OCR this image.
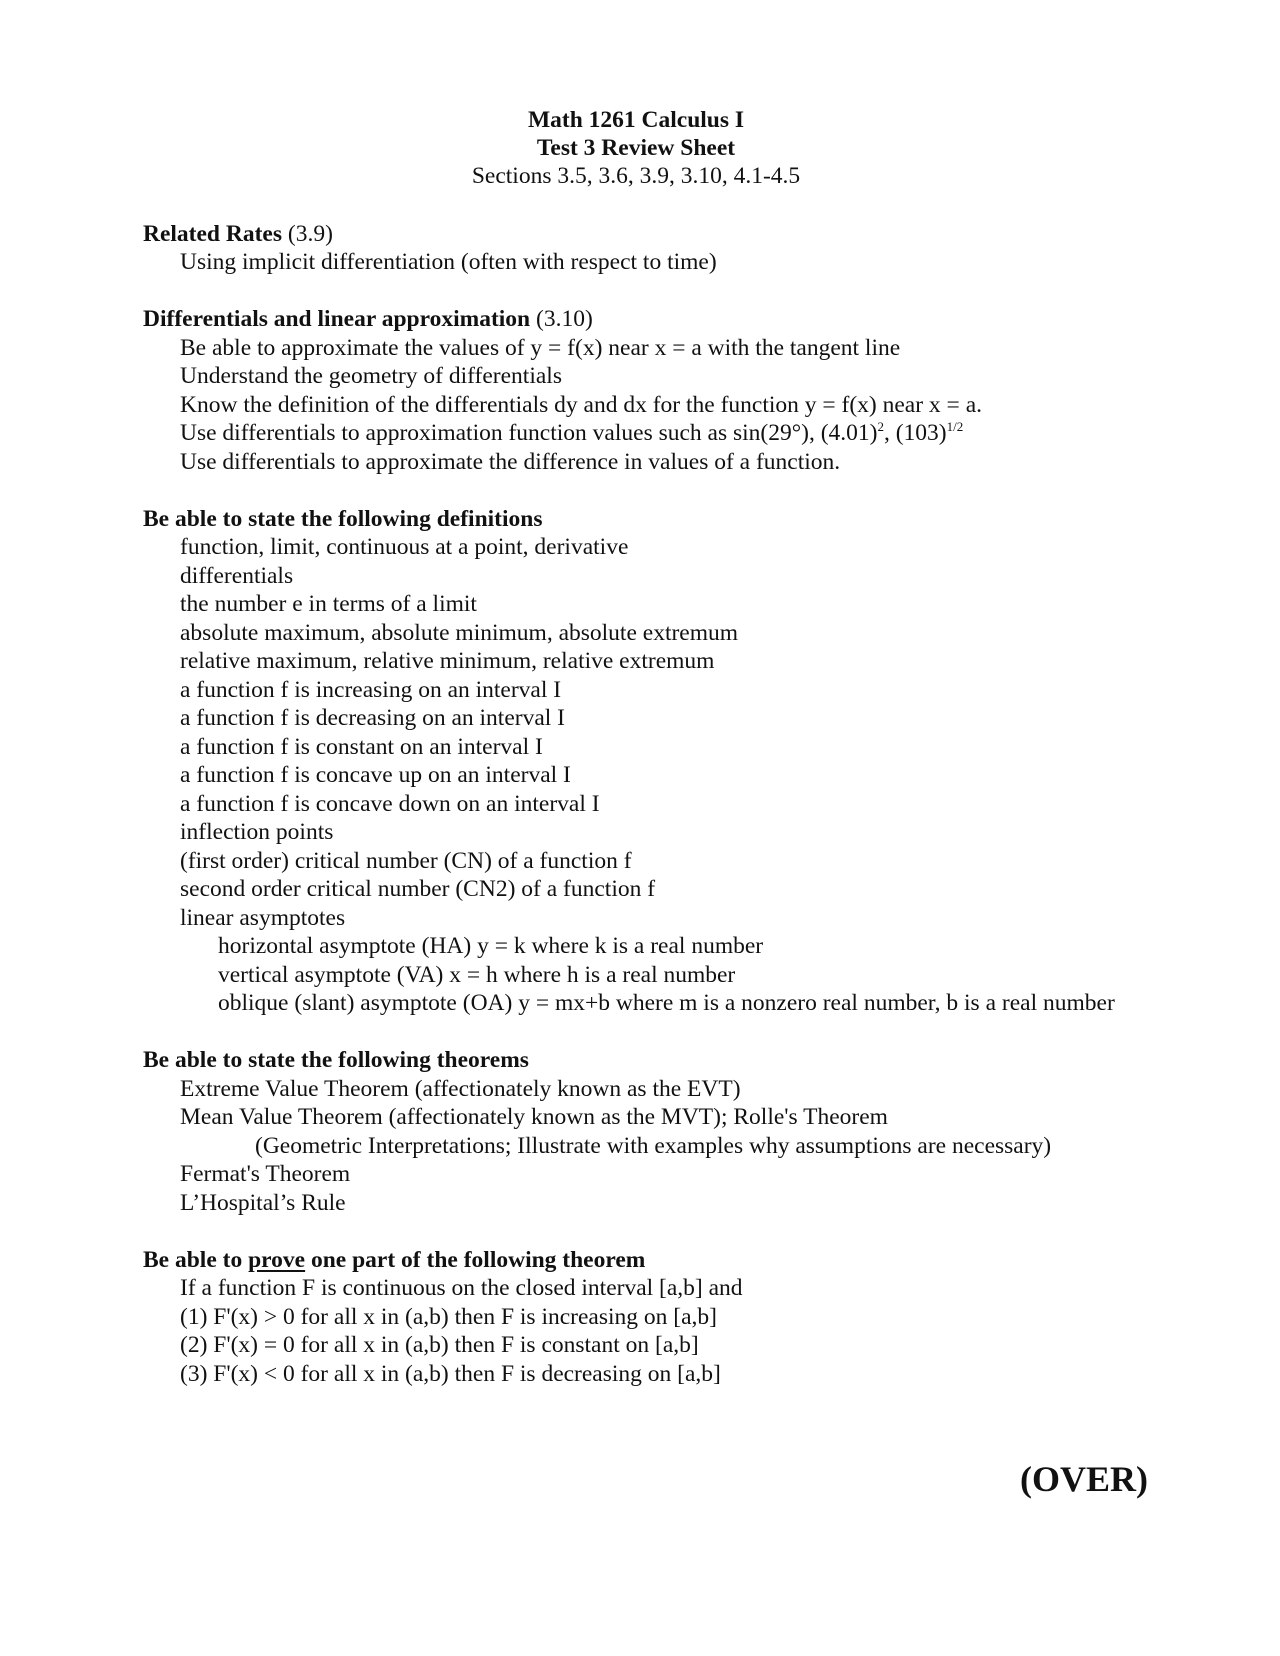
Math 1261 Calculus I
Test 3 Review Sheet
Sections 3.5, 3.6, 3.9, 3.10, 4.1-4.5
Related Rates (3.9)
Using implicit differentiation (often with respect to time)
Differentials and linear approximation (3.10)
Be able to approximate the values of y = f(x) near x = a with the tangent line
Understand the geometry of differentials
Know the definition of the differentials dy and dx for the function y = f(x) near x = a.
Use differentials to approximation function values such as sin(29°), $(4.01)^2$, $(103)^{1/2}$
Use differentials to approximate the difference in values of a function.
Be able to state the following definitions
function, limit, continuous at a point, derivative
differentials
the number e in terms of a limit
absolute maximum, absolute minimum, absolute extremum
relative maximum, relative minimum, relative extremum
a function f is increasing on an interval I
a function f is decreasing on an interval I
a function f is constant on an interval I
a function f is concave up on an interval I
a function f is concave down on an interval I
inflection points
(first order) critical number (CN) of a function f
second order critical number (CN2) of a function f
linear asymptotes
horizontal asymptote (HA) y = k where k is a real number
vertical asymptote (VA) x = h where h is a real number
oblique (slant) asymptote (OA) y = mx+b where m is a nonzero real number, b is a real number
Be able to state the following theorems
Extreme Value Theorem (affectionately known as the EVT)
Mean Value Theorem (affectionately known as the MVT); Rolle's Theorem
(Geometric Interpretations; Illustrate with examples why assumptions are necessary)
Fermat's Theorem
L’Hospital’s Rule
Be able to prove one part of the following theorem
If a function F is continuous on the closed interval [a,b] and
(1) F'(x) > 0 for all x in (a,b) then F is increasing on [a,b]
(2) F'(x) = 0 for all x in (a,b) then F is constant on [a,b]
(3) F'(x) < 0 for all x in (a,b) then F is decreasing on [a,b]
(OVER)
